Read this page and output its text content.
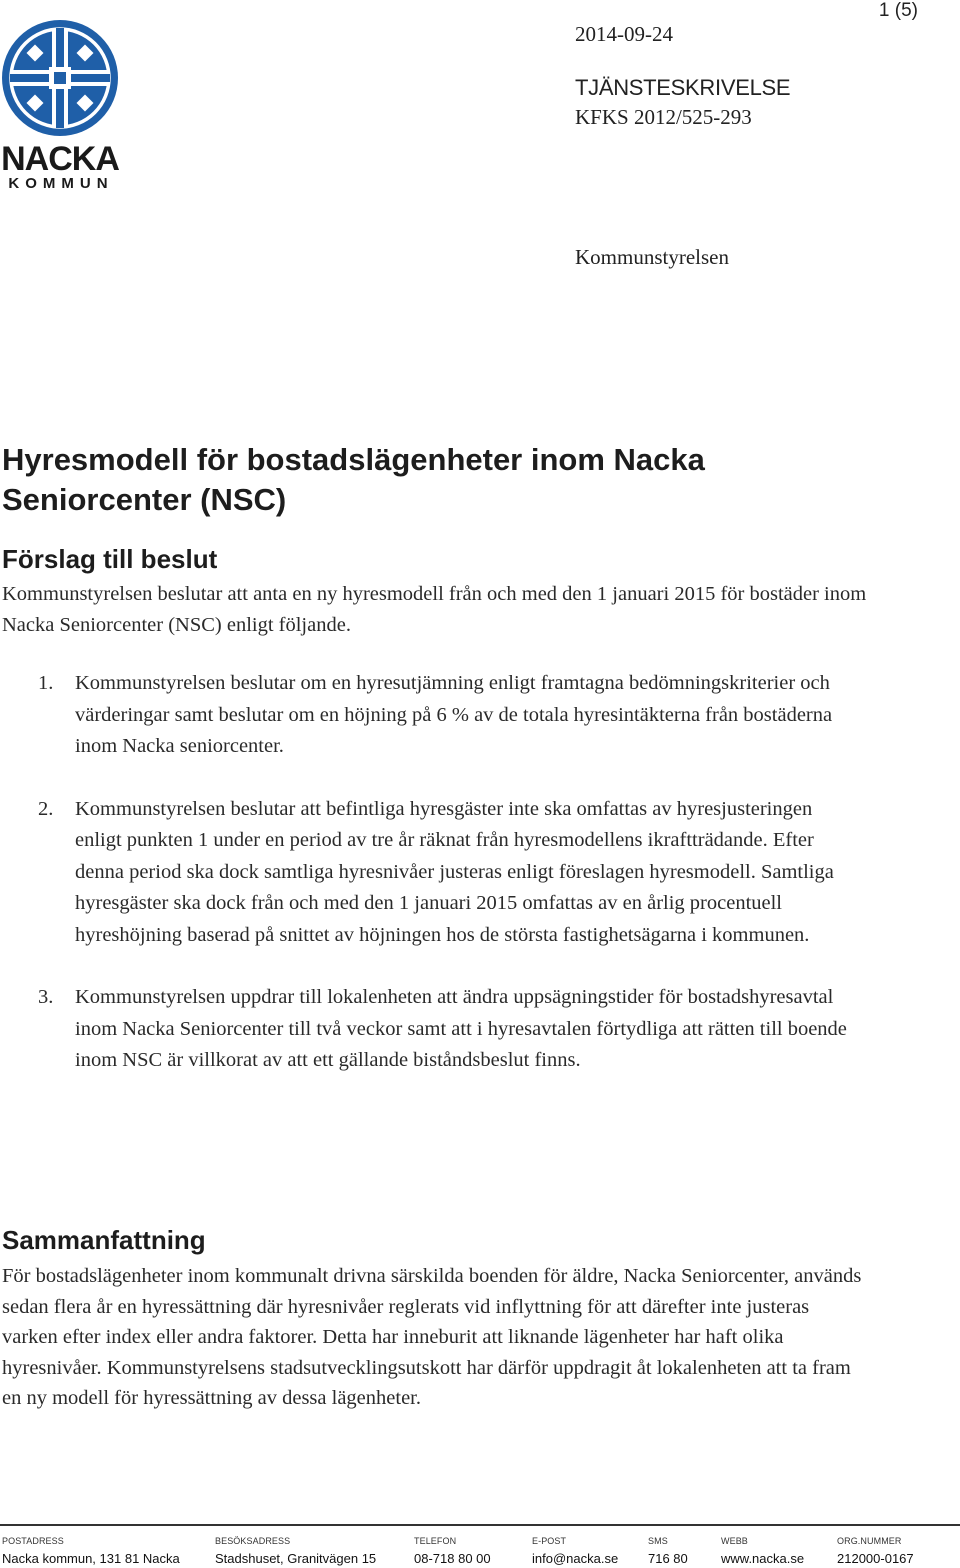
NACKA
KOMMUN
1 (5)
2014-09-24
TJÄNSTESKRIVELSE
KFKS 2012/525-293
Kommunstyrelsen
Hyresmodell för bostadslägenheter inom Nacka Seniorcenter (NSC)
Förslag till beslut

Kommunstyrelsen beslutar att anta en ny hyresmodell från och med den 1 januari 2015 för bostäder inom Nacka Seniorcenter (NSC) enligt följande.

1.	Kommunstyrelsen beslutar om en hyresutjämning enligt framtagna bedömningskriterier och värderingar samt beslutar om en höjning på 6 % av de totala hyresintäkterna från bostäderna inom Nacka seniorcenter.
2.	Kommunstyrelsen beslutar att befintliga hyresgäster inte ska omfattas av hyresjusteringen enligt punkten 1 under en period av tre år räknat från hyresmodellens ikraftträdande. Efter denna period ska dock samtliga hyresnivåer justeras enligt föreslagen hyresmodell. Samtliga hyresgäster ska dock från och med den 1 januari 2015 omfattas av en årlig procentuell hyreshöjning baserad på snittet av höjningen hos de största fastighetsägarna i kommunen.
3.	Kommunstyrelsen uppdrar till lokalenheten att ändra uppsägningstider för bostadshyresavtal inom Nacka Seniorcenter till två veckor samt att i hyresavtalen förtydliga att rätten till boende inom NSC är villkorat av att ett gällande biståndsbeslut finns.
Sammanfattning

För bostadslägenheter inom kommunalt drivna särskilda boenden för äldre, Nacka Seniorcenter, används sedan flera år en hyressättning där hyresnivåer reglerats vid inflyttning för att därefter inte justeras varken efter index eller andra faktorer. Detta har inneburit att liknande lägenheter har haft olika hyresnivåer. Kommunstyrelsens stadsutvecklingsutskott har därför uppdragit åt lokalenheten att ta fram en ny modell för hyressättning av dessa lägenheter.

POSTADRESS
Nacka kommun, 131 81 Nacka
BESÖKSADRESS
Stadshuset, Granitvägen 15
TELEFON
08-718 80 00
E-POST
info@nacka.se
SMS
716 80
WEBB
www.nacka.se
ORG.NUMMER
212000-0167
